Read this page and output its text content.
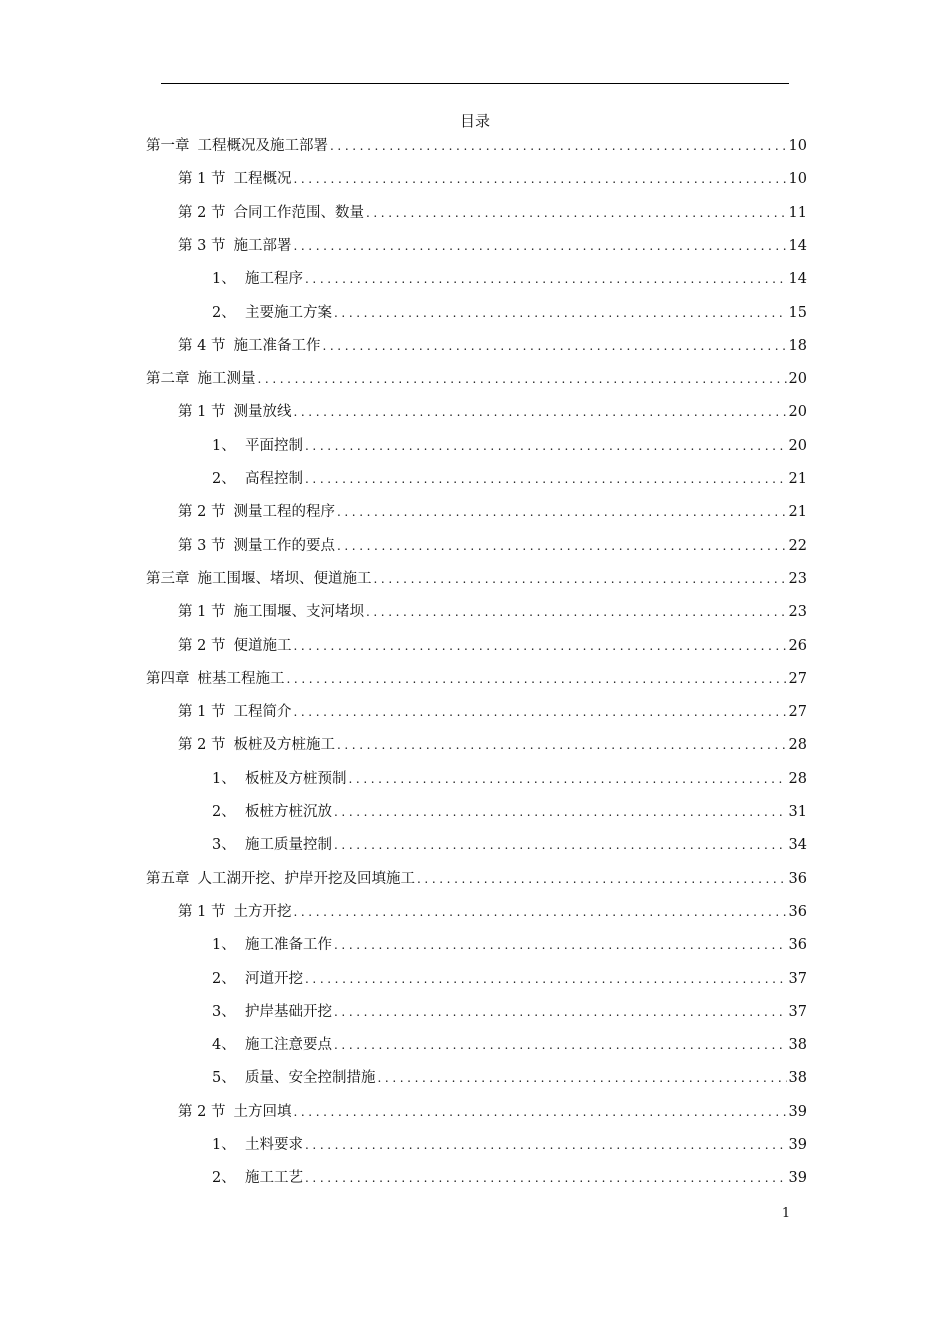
目录
第一章 工程概况及施工部署 .....	10
第 1 节 工程概况 .....	10
第 2 节 合同工作范围、数量 .....	11
第 3 节 施工部署 .....	14
1、 施工程序 .....	14
2、 主要施工方案 .....	15
第 4 节 施工准备工作 .....	18
第二章 施工测量 .....	20
第 1 节 测量放线 .....	20
1、 平面控制 .....	20
2、 高程控制 .....	21
第 2 节 测量工程的程序 .....	21
第 3 节 测量工作的要点 .....	22
第三章 施工围堰、堵坝、便道施工 .....	23
第 1 节 施工围堰、支河堵坝 .....	23
第 2 节 便道施工 .....	26
第四章 桩基工程施工 .....	27
第 1 节 工程简介 .....	27
第 2 节 板桩及方桩施工 .....	28
1、 板桩及方桩预制 .....	28
2、 板桩方桩沉放 .....	31
3、 施工质量控制 .....	34
第五章 人工湖开挖、护岸开挖及回填施工 .....	36
第 1 节 土方开挖 .....	36
1、 施工准备工作 .....	36
2、 河道开挖 .....	37
3、 护岸基础开挖 .....	37
4、 施工注意要点 .....	38
5、 质量、安全控制措施 .....	38
第 2 节 土方回填 .....	39
1、 土料要求 .....	39
2、 施工工艺 .....	39
1
